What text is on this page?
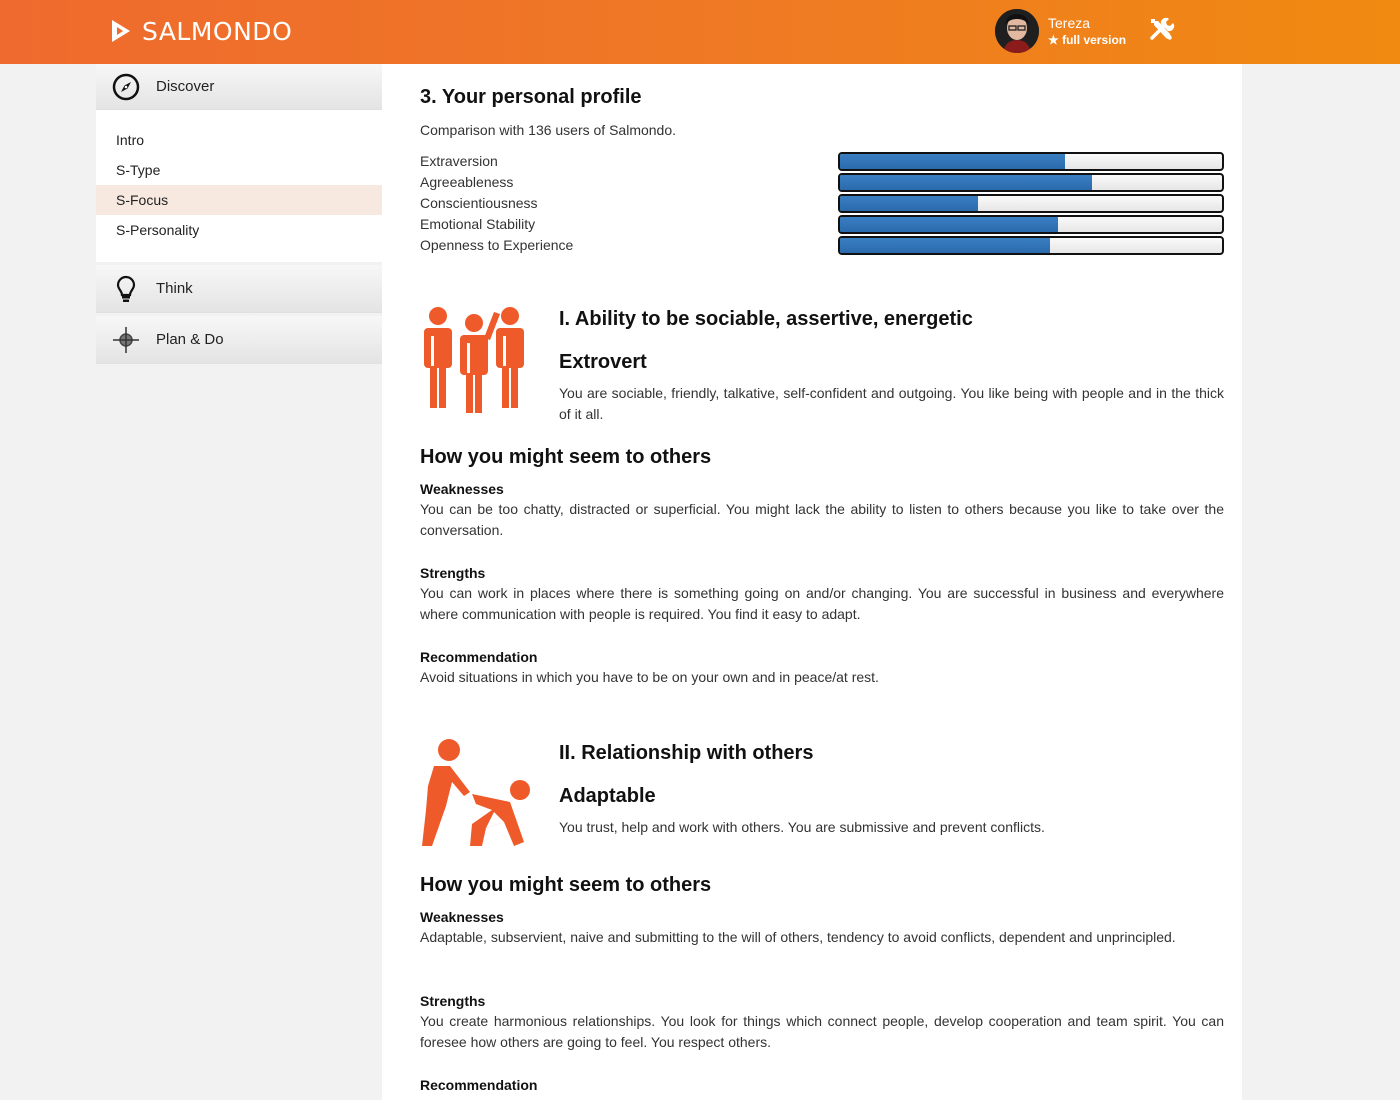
SALMONDO	Tereza
★ full version
Discover
Intro
S-Type
S-Focus
S-Personality
Think
Plan & Do
3. Your personal profile
Comparison with 136 users of Salmondo.
Extraversion
Agreeableness
Conscientiousness
Emotional Stability
Openness to Experience
I. Ability to be sociable, assertive, energetic
Extrovert
You are sociable, friendly, talkative, self-confident and outgoing. You like being with people and in the thick of it all.
How you might seem to others
Weaknesses
You can be too chatty, distracted or superficial. You might lack the ability to listen to others because you like to take over the conversation.
Strengths
You can work in places where there is something going on and/or changing. You are successful in business and everywhere where communication with people is required. You find it easy to adapt.
Recommendation
Avoid situations in which you have to be on your own and in peace/at rest.
II. Relationship with others
Adaptable
You trust, help and work with others. You are submissive and prevent conflicts.
How you might seem to others
Weaknesses
Adaptable, subservient, naive and submitting to the will of others, tendency to avoid conflicts, dependent and unprincipled.
Strengths
You create harmonious relationships. You look for things which connect people, develop cooperation and team spirit. You can foresee how others are going to feel. You respect others.
Recommendation
